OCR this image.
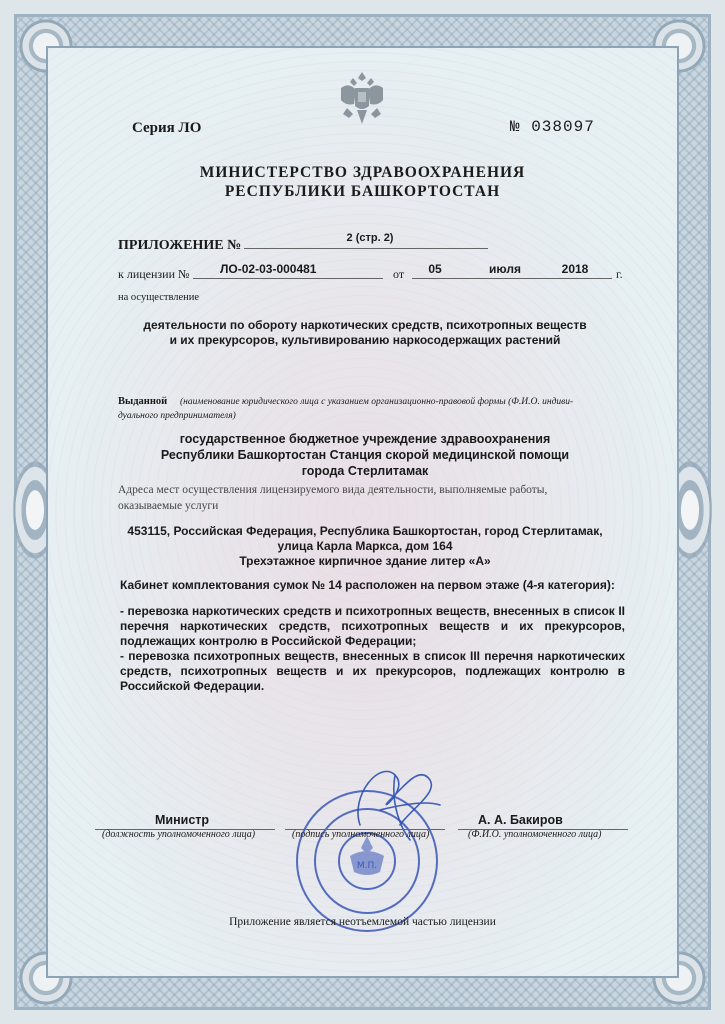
Серия ЛО	№ 038097
МИНИСТЕРСТВО ЗДРАВООХРАНЕНИЯ
РЕСПУБЛИКИ БАШКОРТОСТАН
ПРИЛОЖЕНИЕ №	2 (стр. 2)
к лицензии №	ЛО-02-03-000481	от	05	июля	2018	г.
на осуществление
деятельности по обороту наркотических средств, психотропных веществ
и их прекурсоров, культивированию наркосодержащих растений
Выданной (наименование юридического лица с указанием организационно-правовой формы (Ф.И.О. индиви-
дуального предпринимателя)
государственное бюджетное учреждение здравоохранения
Республики Башкортостан Станция скорой медицинской помощи
города Стерлитамак
Адреса мест осуществления лицензируемого вида деятельности, выполняемые работы,
оказываемые услуги
453115, Российская Федерация, Республика Башкортостан, город Стерлитамак,
улица Карла Маркса, дом 164
Трехэтажное кирпичное здание литер «А»
Кабинет комплектования сумок № 14 расположен на первом этаже (4-я категория):
- перевозка наркотических средств и психотропных веществ, внесенных в список II
перечня наркотических средств, психотропных веществ и их прекурсоров,
подлежащих контролю в Российской Федерации;
- перевозка психотропных веществ, внесенных в список III перечня наркотических
средств, психотропных веществ и их прекурсоров, подлежащих контролю в
Российской Федерации.
М.П.
Министр
(должность уполномоченного лица)	(подпись уполномоченного лица)
А. А. Бакиров
(Ф.И.О. уполномоченного лица)
Приложение является неотъемлемой частью лицензии
